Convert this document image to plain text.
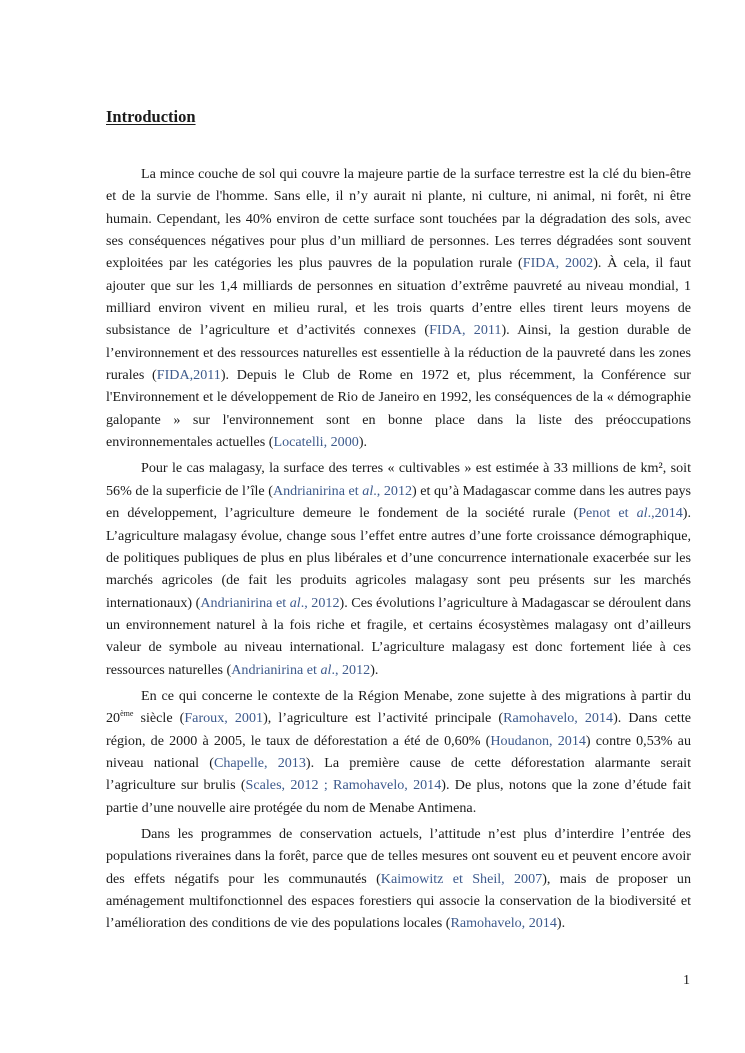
Introduction

La mince couche de sol qui couvre la majeure partie de la surface terrestre est la clé du bien-être et de la survie de l'homme. Sans elle, il n’y aurait ni plante, ni culture, ni animal, ni forêt, ni être humain. Cependant, les 40% environ de cette surface sont touchées par la dégradation des sols, avec ses conséquences négatives pour plus d’un milliard de personnes. Les terres dégradées sont souvent exploitées par les catégories les plus pauvres de la population rurale (FIDA, 2002). À cela, il faut ajouter que sur les 1,4 milliards de personnes en situation d’extrême pauvreté au niveau mondial, 1 milliard environ vivent en milieu rural, et les trois quarts d’entre elles tirent leurs moyens de subsistance de l’agriculture et d’activités connexes (FIDA, 2011). Ainsi, la gestion durable de l’environnement et des ressources naturelles est essentielle à la réduction de la pauvreté dans les zones rurales (FIDA,2011). Depuis le Club de Rome en 1972 et, plus récemment, la Conférence sur l'Environnement et le développement de Rio de Janeiro en 1992, les conséquences de la « démographie galopante » sur l'environnement sont en bonne place dans la liste des préoccupations environnementales actuelles (Locatelli, 2000).

Pour le cas malagasy, la surface des terres « cultivables » est estimée à 33 millions de km², soit 56% de la superficie de l’île (Andrianirina et al., 2012) et qu’à Madagascar comme dans les autres pays en développement, l’agriculture demeure le fondement de la société rurale (Penot et al.,2014). L’agriculture malagasy évolue, change sous l’effet entre autres d’une forte croissance démographique, de politiques publiques de plus en plus libérales et d’une concurrence internationale exacerbée sur les marchés agricoles (de fait les produits agricoles malagasy sont peu présents sur les marchés internationaux) (Andrianirina et al., 2012). Ces évolutions l’agriculture à Madagascar se déroulent dans un environnement naturel à la fois riche et fragile, et certains écosystèmes malagasy ont d’ailleurs valeur de symbole au niveau international. L’agriculture malagasy est donc fortement liée à ces ressources naturelles (Andrianirina et al., 2012).

En ce qui concerne le contexte de la Région Menabe, zone sujette à des migrations à partir du 20ème siècle (Faroux, 2001), l’agriculture est l’activité principale (Ramohavelo, 2014). Dans cette région, de 2000 à 2005, le taux de déforestation a été de 0,60% (Houdanon, 2014) contre 0,53% au niveau national (Chapelle, 2013). La première cause de cette déforestation alarmante serait l’agriculture sur brulis (Scales, 2012 ; Ramohavelo, 2014). De plus, notons que la zone d’étude fait partie d’une nouvelle aire protégée du nom de Menabe Antimena.

Dans les programmes de conservation actuels, l’attitude n’est plus d’interdire l’entrée des populations riveraines dans la forêt, parce que de telles mesures ont souvent eu et peuvent encore avoir des effets négatifs pour les communautés (Kaimowitz et Sheil, 2007), mais de proposer un aménagement multifonctionnel des espaces forestiers qui associe la conservation de la biodiversité et l’amélioration des conditions de vie des populations locales (Ramohavelo, 2014).

1
